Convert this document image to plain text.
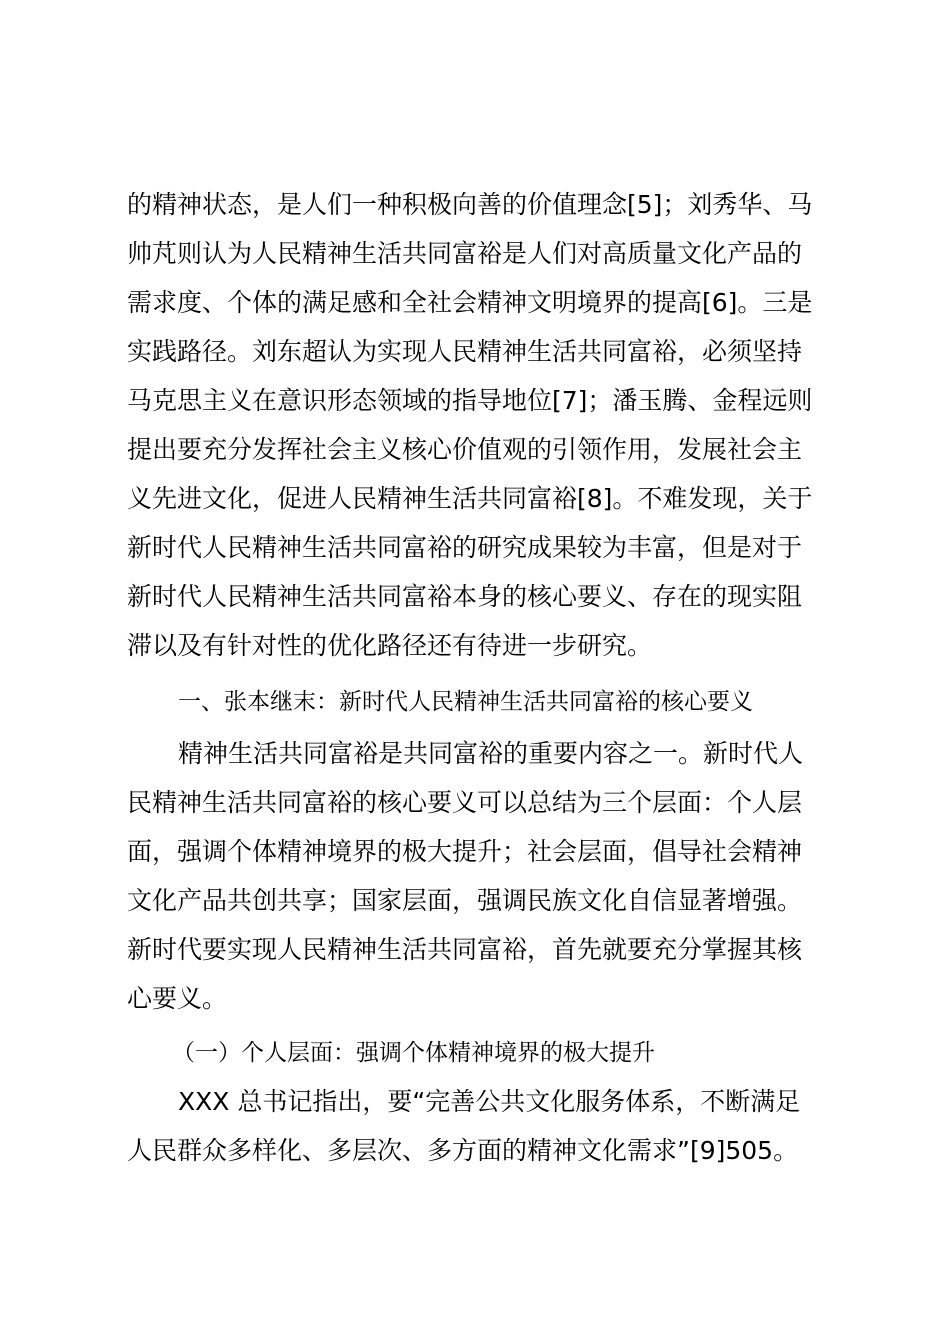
的精神状态，是人们一种积极向善的价值理念[5]；刘秀华、马
帅芃则认为人民精神生活共同富裕是人们对高质量文化产品的
需求度、个体的满足感和全社会精神文明境界的提高[6]。三是
实践路径。刘东超认为实现人民精神生活共同富裕，必须坚持
马克思主义在意识形态领域的指导地位[7]；潘玉腾、金程远则
提出要充分发挥社会主义核心价值观的引领作用，发展社会主
义先进文化，促进人民精神生活共同富裕[8]。不难发现，关于
新时代人民精神生活共同富裕的研究成果较为丰富，但是对于
新时代人民精神生活共同富裕本身的核心要义、存在的现实阻
滞以及有针对性的优化路径还有待进一步研究。
一、张本继末：新时代人民精神生活共同富裕的核心要义
精神生活共同富裕是共同富裕的重要内容之一。新时代人
民精神生活共同富裕的核心要义可以总结为三个层面：个人层
面，强调个体精神境界的极大提升；社会层面，倡导社会精神
文化产品共创共享；国家层面，强调民族文化自信显著增强。
新时代要实现人民精神生活共同富裕，首先就要充分掌握其核
心要义。
（一）个人层面：强调个体精神境界的极大提升
XXX 总书记指出，要“完善公共文化服务体系，不断满足
人民群众多样化、多层次、多方面的精神文化需求”[9]505。
